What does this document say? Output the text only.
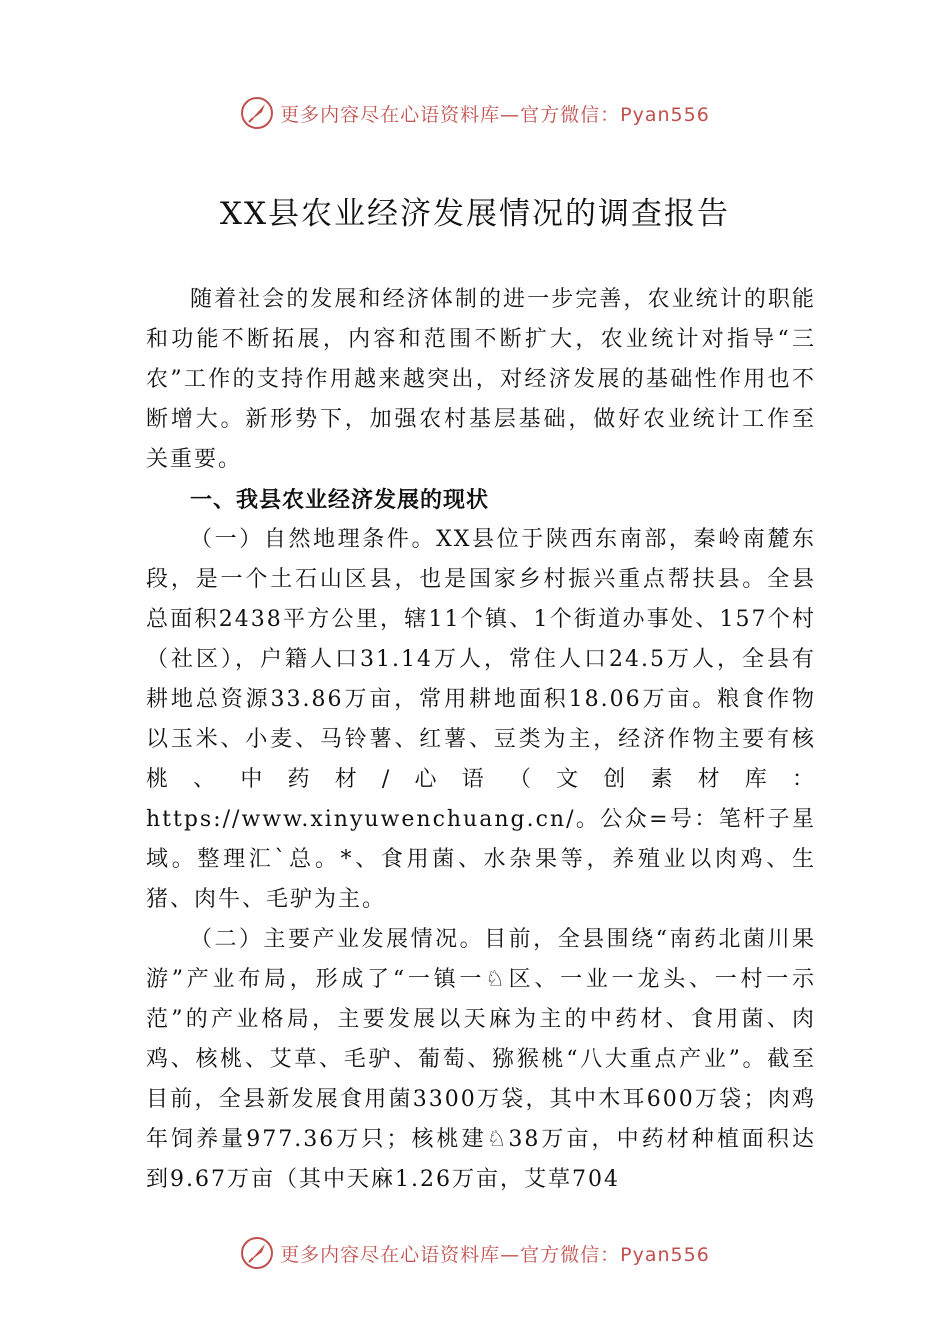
更多内容尽在心语资料库—官方微信：Pyan556
XX县农业经济发展情况的调查报告

随着社会的发展和经济体制的进一步完善，农业统计的职能和功能不断拓展，内容和范围不断扩大，农业统计对指导“三农”工作的支持作用越来越突出，对经济发展的基础性作用也不断增大。新形势下，加强农村基层基础，做好农业统计工作至关重要。

一、我县农业经济发展的现状

（一）自然地理条件。XX县位于陕西东南部，秦岭南麓东段，是一个土石山区县，也是国家乡村振兴重点帮扶县。全县总面积2438平方公里，辖11个镇、1个街道办事处、157个村（社区），户籍人口31.14万人，常住人口24.5万人，全县有耕地总资源33.86万亩，常用耕地面积18.06万亩。粮食作物以玉米、小麦、马铃薯、红薯、豆类为主，经济作物主要有核桃、中药材/心语（文创素材库：https://www.xinyuwenchuang.cn/。公众=号：笔杆子星域。整理汇`总。*、食用菌、水杂果等，养殖业以肉鸡、生猪、肉牛、毛驴为主。

（二）主要产业发展情况。目前，全县围绕“南药北菌川果游”产业布局，形成了“一镇一♘区、一业一龙头、一村一示范”的产业格局，主要发展以天麻为主的中药材、食用菌、肉鸡、核桃、艾草、毛驴、葡萄、猕猴桃“八大重点产业”。截至目前，全县新发展食用菌3300万袋，其中木耳600万袋；肉鸡年饲养量977.36万只；核桃建♘38万亩，中药材种植面积达到9.67万亩（其中天麻1.26万亩，艾草704

更多内容尽在心语资料库—官方微信：Pyan556
